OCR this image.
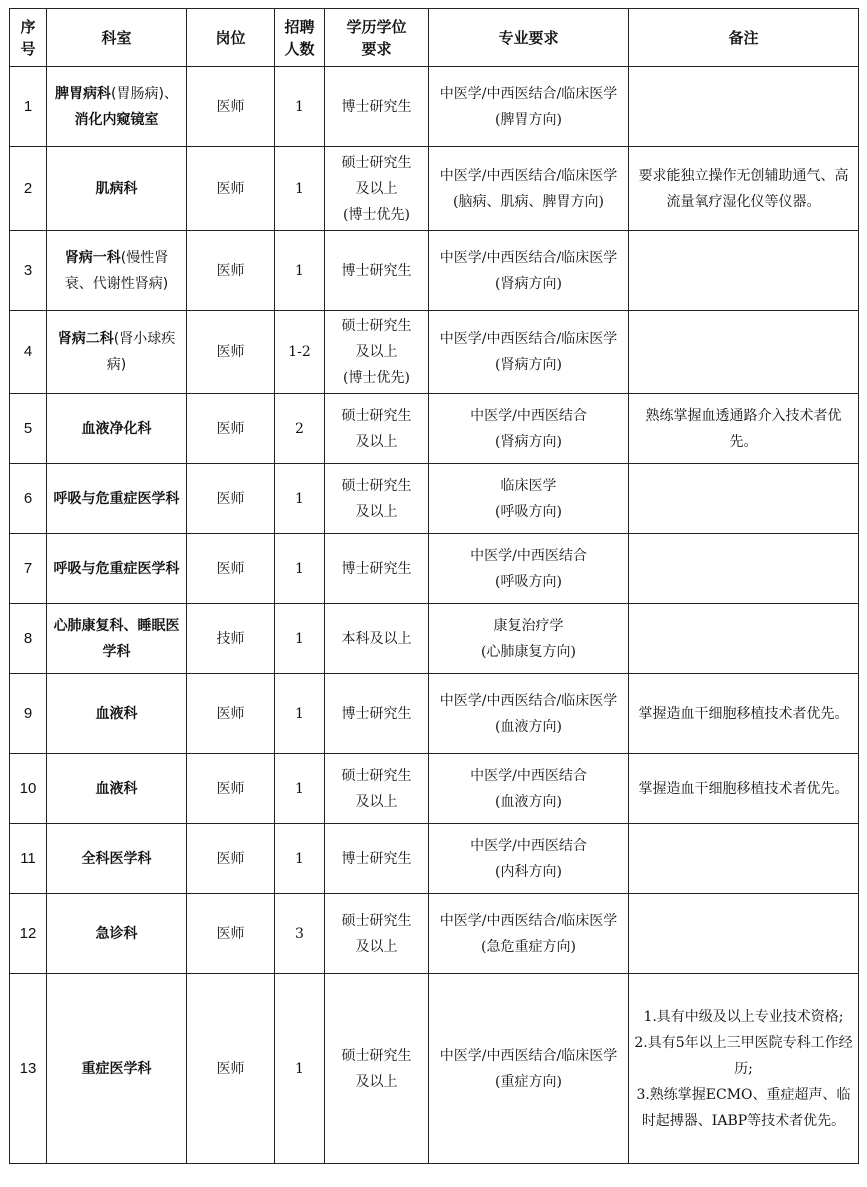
序号	科室	岗位	招聘人数	学历学位要求	专业要求	备注
1	脾胃病科(胃肠病)、消化内窥镜室	医师	1	博士研究生	中医学/中西医结合/临床医学
(脾胃方向)	

2	肌病科	医师	1	硕士研究生
及以上
(博士优先)	中医学/中西医结合/临床医学
(脑病、肌病、脾胃方向)	要求能独立操作无创辅助通气、高流量氧疗湿化仪等仪器。

3	肾病一科(慢性肾衰、代谢性肾病)	医师	1	博士研究生	中医学/中西医结合/临床医学
(肾病方向)	

4	肾病二科(肾小球疾病)	医师	1-2	硕士研究生
及以上
(博士优先)	中医学/中西医结合/临床医学
(肾病方向)	

5	血液净化科	医师	2	硕士研究生
及以上	中医学/中西医结合
(肾病方向)	熟练掌握血透通路介入技术者优先。

6	呼吸与危重症医学科	医师	1	硕士研究生
及以上	临床医学
(呼吸方向)	

7	呼吸与危重症医学科	医师	1	博士研究生	中医学/中西医结合
(呼吸方向)	

8	心肺康复科、睡眠医学科	技师	1	本科及以上	康复治疗学
(心肺康复方向)	

9	血液科	医师	1	博士研究生	中医学/中西医结合/临床医学
(血液方向)	掌握造血干细胞移植技术者优先。

10	血液科	医师	1	硕士研究生
及以上	中医学/中西医结合
(血液方向)	掌握造血干细胞移植技术者优先。

11	全科医学科	医师	1	博士研究生	中医学/中西医结合
(内科方向)	

12	急诊科	医师	3	硕士研究生
及以上	中医学/中西医结合/临床医学
(急危重症方向)	

13	重症医学科	医师	1	硕士研究生
及以上	中医学/中西医结合/临床医学
(重症方向)	1.具有中级及以上专业技术资格;
2.具有5年以上三甲医院专科工作经历;
3.熟练掌握ECMO、重症超声、临时起搏器、IABP等技术者优先。
